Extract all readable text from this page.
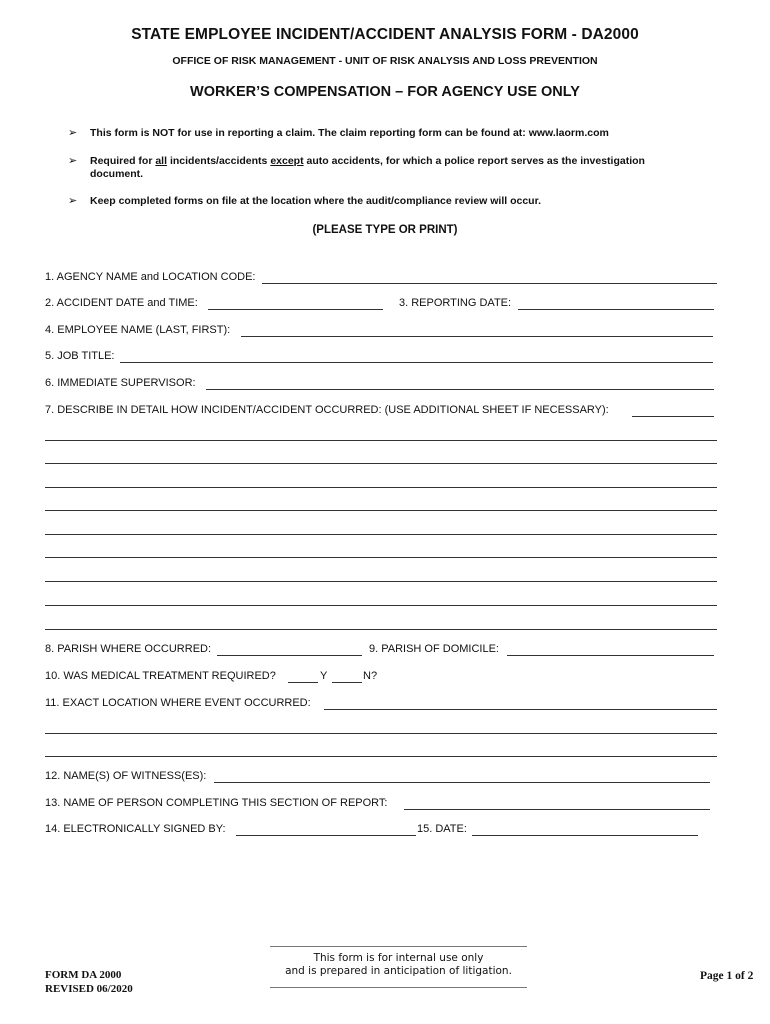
STATE EMPLOYEE INCIDENT/ACCIDENT ANALYSIS FORM - DA2000
OFFICE OF RISK MANAGEMENT - UNIT OF RISK ANALYSIS AND LOSS PREVENTION
WORKER’S COMPENSATION – FOR AGENCY USE ONLY
➢ This form is NOT for use in reporting a claim. The claim reporting form can be found at: www.laorm.com
➢ Required for all incidents/accidents except auto accidents, for which a police report serves as the investigation
document.
➢ Keep completed forms on file at the location where the audit/compliance review will occur.
(PLEASE TYPE OR PRINT)
1. AGENCY NAME and LOCATION CODE:
2. ACCIDENT DATE and TIME:	3. REPORTING DATE:
4. EMPLOYEE NAME (LAST, FIRST):
5. JOB TITLE:
6. IMMEDIATE SUPERVISOR:
7. DESCRIBE IN DETAIL HOW INCIDENT/ACCIDENT OCCURRED: (USE ADDITIONAL SHEET IF NECESSARY):
8. PARISH WHERE OCCURRED:	9. PARISH OF DOMICILE:
10. WAS MEDICAL TREATMENT REQUIRED?	Y	N?
11. EXACT LOCATION WHERE EVENT OCCURRED:
12. NAME(S) OF WITNESS(ES):
13. NAME OF PERSON COMPLETING THIS SECTION OF REPORT:
14. ELECTRONICALLY SIGNED BY:	15. DATE:
FORM DA 2000
REVISED 06/2020
This form is for internal use only
and is prepared in anticipation of litigation.	Page 1 of 2
